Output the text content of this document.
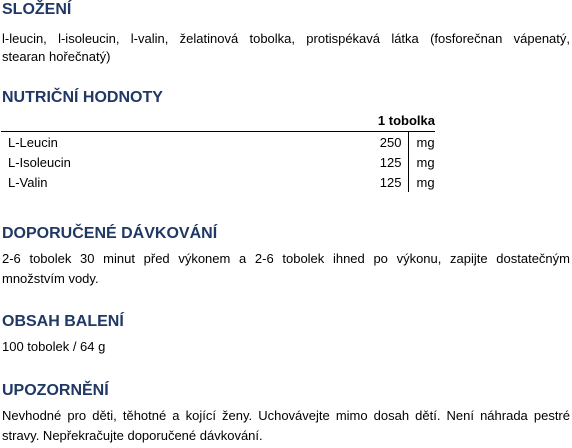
SLOŽENÍ

l-leucin, l-isoleucin, l-valin, želatinová tobolka, protispékavá látka (fosforečnan vápenatý,

stearan hořečnatý)

NUTRIČNÍ HODNOTY
	1 tobolka	
L-Leucin	250	mg
L-Isoleucin	125	mg
L-Valin	125	mg
DOPORUČENÉ DÁVKOVÁNÍ

2-6 tobolek 30 minut před výkonem a 2-6 tobolek ihned po výkonu, zapijte dostatečným

množstvím vody.

OBSAH BALENÍ

100 tobolek / 64 g

UPOZORNĚNÍ

Nevhodné pro děti, těhotné a kojící ženy. Uchovávejte mimo dosah dětí. Není náhrada pestré

stravy. Nepřekračujte doporučené dávkování.
